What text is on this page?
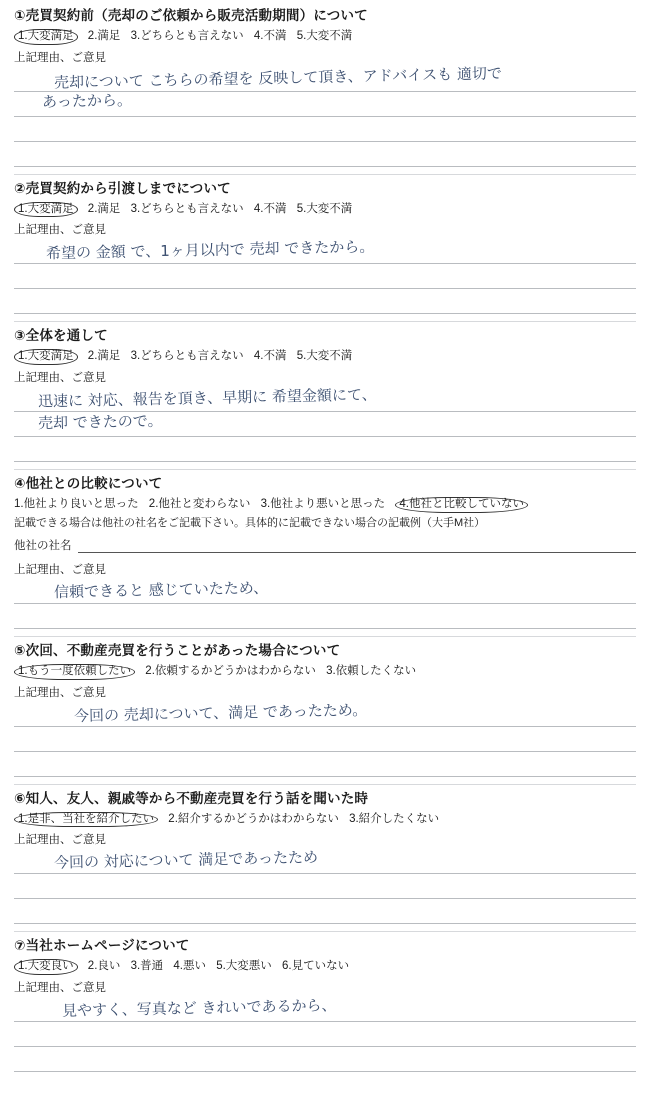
①売買契約前（売却のご依頼から販売活動期間）について
1.大変満足 2.満足 3.どちらとも言えない 4.不満 5.大変不満
上記理由、ご意見
売却について こちらの希望を 反映して頂き、アドバイスも 適切で
あったから。
②売買契約から引渡しまでについて
1.大変満足 2.満足 3.どちらとも言えない 4.不満 5.大変不満
上記理由、ご意見
希望の 金額 で、1ヶ月以内で 売却 できたから。
③全体を通して
1.大変満足 2.満足 3.どちらとも言えない 4.不満 5.大変不満
上記理由、ご意見
迅速に 対応、報告を頂き、早期に 希望金額にて、
売却 できたので。
④他社との比較について
1.他社より良いと思った 2.他社と変わらない 3.他社より悪いと思った 4.他社と比較していない
記載できる場合は他社の社名をご記載下さい。具体的に記載できない場合の記載例（大手M社）
他社の社名
上記理由、ご意見
信頼できると 感じていたため、
⑤次回、不動産売買を行うことがあった場合について
1.もう一度依頼したい 2.依頼するかどうかはわからない 3.依頼したくない
上記理由、ご意見
今回の 売却について、満足 であったため。
⑥知人、友人、親戚等から不動産売買を行う話を聞いた時
1.是非、当社を紹介したい 2.紹介するかどうかはわからない 3.紹介したくない
上記理由、ご意見
今回の 対応について 満足であったため
⑦当社ホームページについて
1.大変良い 2.良い 3.普通 4.悪い 5.大変悪い 6.見ていない
上記理由、ご意見
見やすく、写真など きれいであるから、
